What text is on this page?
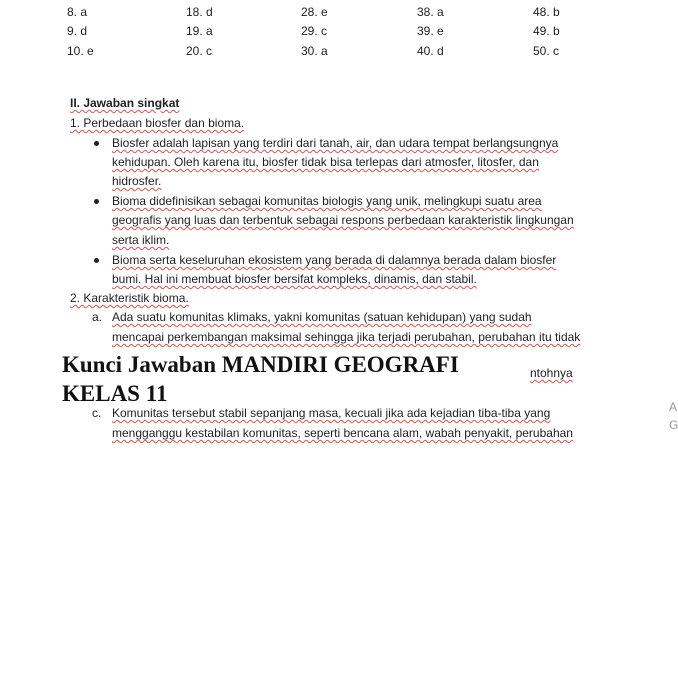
8. a	18. d	28. e	38. a	48. b
9. d	19. a	29. c	39. e	49. b
10. e	20. c	30. a	40. d	50. c
II. Jawaban singkat
1. Perbedaan biosfer dan bioma.
Biosfer adalah lapisan yang terdiri dari tanah, air, dan udara tempat berlangsungnya
kehidupan. Oleh karena itu, biosfer tidak bisa terlepas dari atmosfer, litosfer, dan
hidrosfer.
Bioma didefinisikan sebagai komunitas biologis yang unik, melingkupi suatu area
geografis yang luas dan terbentuk sebagai respons perbedaan karakteristik lingkungan
serta iklim.
Bioma serta keseluruhan ekosistem yang berada di dalamnya berada dalam biosfer
bumi. Hal ini membuat biosfer bersifat kompleks, dinamis, dan stabil.
2. Karakteristik bioma.
a. Ada suatu komunitas klimaks, yakni komunitas (satuan kehidupan) yang sudah
mencapai perkembangan maksimal sehingga jika terjadi perubahan, perubahan itu tidak
ntohnya
c. Komunitas tersebut stabil sepanjang masa, kecuali jika ada kejadian tiba-tiba yang
mengganggu kestabilan komunitas, seperti bencana alam, wabah penyakit, perubahan
Kunci Jawaban MANDIRI GEOGRAFI
KELAS 11
A
G
